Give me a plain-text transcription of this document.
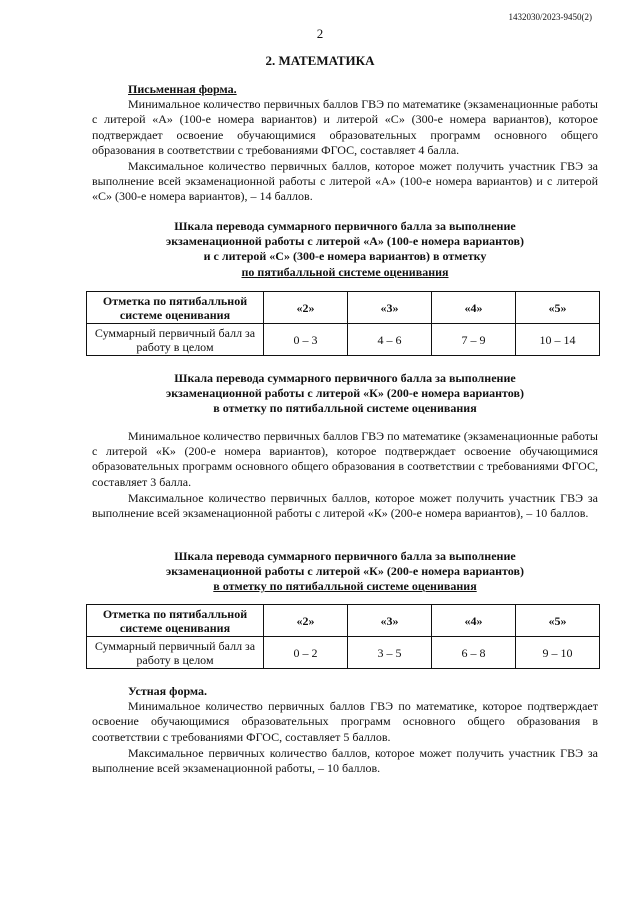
1432030/2023-9450(2)
2
2. МАТЕМАТИКА

Письменная форма.

Минимальное количество первичных баллов ГВЭ по математике (экзаменационные работы с литерой «А» (100-е номера вариантов) и литерой «С» (300-е номера вариантов), которое подтверждает освоение обучающимися образовательных программ основного общего образования в соответствии с требованиями ФГОС, составляет 4 балла.

Максимальное количество первичных баллов, которое может получить участник ГВЭ за выполнение всей экзаменационной работы с литерой «А» (100-е номера вариантов) и с литерой «С» (300-е номера вариантов), – 14 баллов.

Шкала перевода суммарного первичного балла за выполнение
экзаменационной работы с литерой «А» (100-е номера вариантов)
и с литерой «С» (300-е номера вариантов) в отметку
по пятибалльной системе оценивания
Отметка по пятибалльной системе оценивания	«2»	«3»	«4»	«5»
Суммарный первичный балл за работу в целом	0 – 3	4 – 6	7 – 9	10 – 14
Шкала перевода суммарного первичного балла за выполнение
экзаменационной работы с литерой «К» (200-е номера вариантов)
в отметку по пятибалльной системе оценивания

Минимальное количество первичных баллов ГВЭ по математике (экзаменационные работы с литерой «К» (200-е номера вариантов), которое подтверждает освоение обучающимися образовательных программ основного общего образования в соответствии с требованиями ФГОС, составляет 3 балла.

Максимальное количество первичных баллов, которое может получить участник ГВЭ за выполнение всей экзаменационной работы с литерой «К» (200-е номера вариантов), – 10 баллов.

Шкала перевода суммарного первичного балла за выполнение
экзаменационной работы с литерой «К» (200-е номера вариантов)
в отметку по пятибалльной системе оценивания
Отметка по пятибалльной системе оценивания	«2»	«3»	«4»	«5»
Суммарный первичный балл за работу в целом	0 – 2	3 – 5	6 – 8	9 – 10

Устная форма.

Минимальное количество первичных баллов ГВЭ по математике, которое подтверждает освоение обучающимися образовательных программ основного общего образования в соответствии с требованиями ФГОС, составляет 5 баллов.

Максимальное первичных количество баллов, которое может получить участник ГВЭ за выполнение всей экзаменационной работы, – 10 баллов.
